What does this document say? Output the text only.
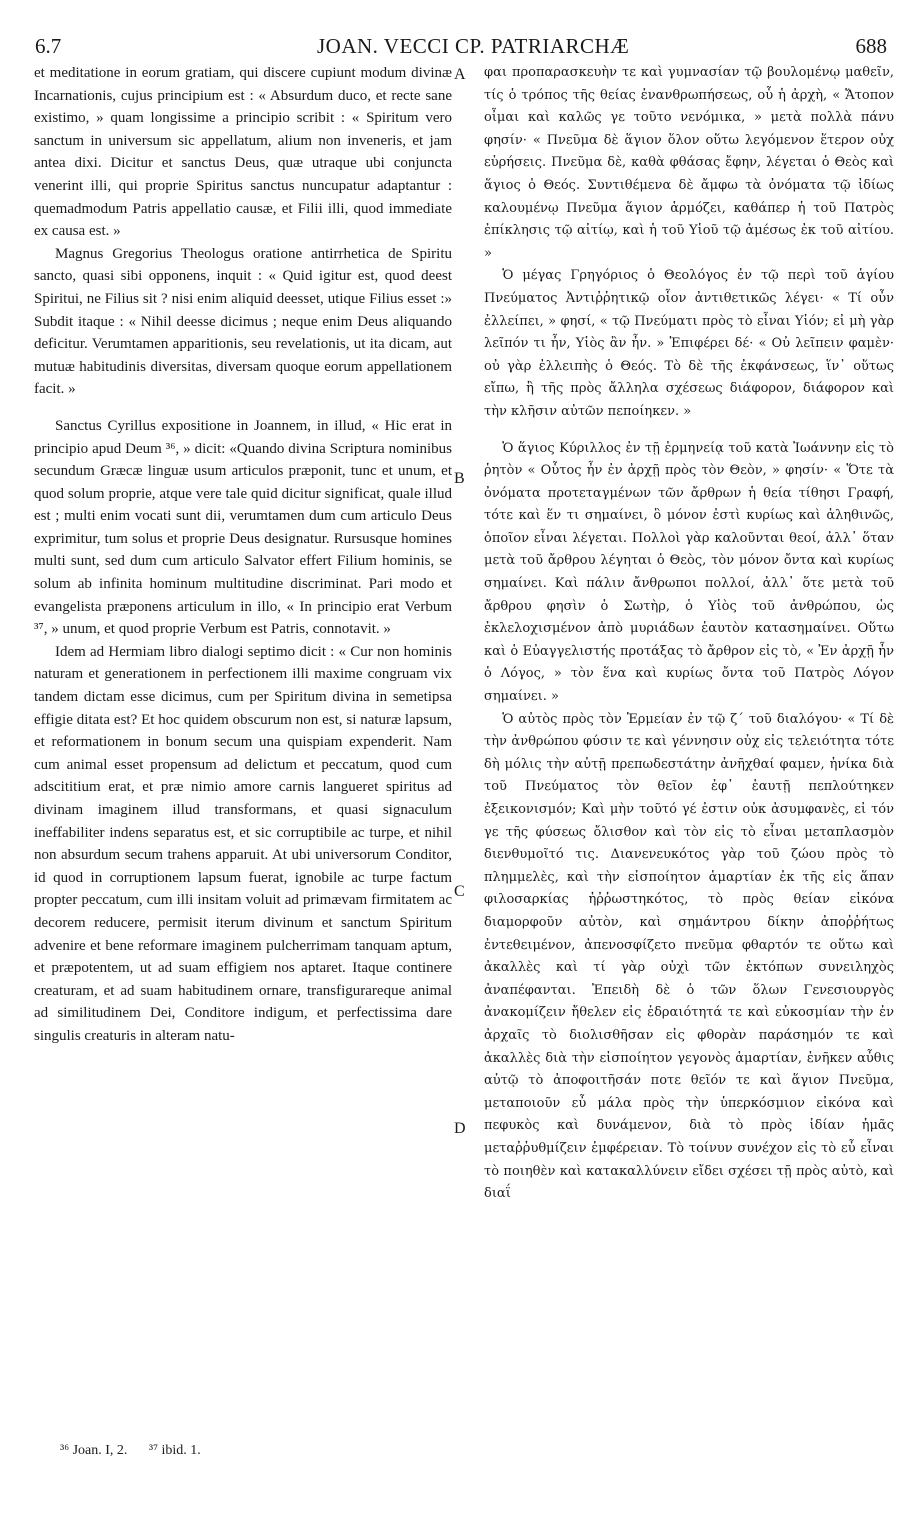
6.7	JOAN. VECCI CP. PATRIARCHÆ	688

et meditatione in eorum gratiam, qui discere cupiunt modum divinæ Incarnationis, cujus principium est : « Absurdum duco, et recte sane existimo, » quam longissime a principio scribit : « Spiritum vero sanctum in universum sic appellatum, alium non inveneris, et jam antea dixi. Dicitur et sanctus Deus, quæ utraque ubi conjuncta venerint illi, qui proprie Spiritus sanctus nuncupatur adaptantur : quemadmodum Patris appellatio causæ, et Filii illi, quod immediate ex causa est. »

Magnus Gregorius Theologus oratione antirrhetica de Spiritu sancto, quasi sibi opponens, inquit : « Quid igitur est, quod deest Spiritui, ne Filius sit ? nisi enim aliquid deesset, utique Filius esset :» Subdit itaque : « Nihil deesse dicimus ; neque enim Deus aliquando deficitur. Verumtamen apparitionis, seu revelationis, ut ita dicam, aut mutuæ habitudinis diversitas, diversam quoque eorum appellationem facit. »

Sanctus Cyrillus expositione in Joannem, in illud, « Hic erat in principio apud Deum ³⁶, » dicit: «Quando divina Scriptura nominibus secundum Græcæ linguæ usum articulos præponit, tunc et unum, et quod solum proprie, atque vere tale quid dicitur significat, quale illud est ; multi enim vocati sunt dii, verumtamen dum cum articulo Deus exprimitur, tum solus et proprie Deus designatur. Rursusque homines multi sunt, sed dum cum articulo Salvator effert Filium hominis, se solum ab infinita hominum multitudine discriminat. Pari modo et evangelista præponens articulum in illo, « In principio erat Verbum ³⁷, » unum, et quod proprie Verbum est Patris, connotavit. »

Idem ad Hermiam libro dialogi septimo dicit : « Cur non hominis naturam et generationem in perfectionem illi maxime congruam vix tandem dictam esse dicimus, cum per Spiritum divina in semetipsa effigie ditata est? Et hoc quidem obscurum non est, si naturæ lapsum, et reformationem in bonum secum una quispiam expenderit. Nam cum animal esset propensum ad delictum et peccatum, quod cum adscititium erat, et præ nimio amore carnis langueret spiritus ad divinam imaginem illud transformans, et quasi signaculum ineffabiliter indens separatus est, et sic corruptibile ac turpe, et nihil non absurdum secum trahens apparuit. At ubi universorum Conditor, id quod in corruptionem lapsum fuerat, ignobile ac turpe factum propter peccatum, cum illi insitam voluit ad primævam firmitatem ac decorem reducere, permisit iterum divinum et sanctum Spiritum advenire et bene reformare imaginem pulcherrimam tanquam aptum, et præpotentem, ut ad suam effigiem nos aptaret. Itaque continere creaturam, et ad suam habitudinem ornare, transfigurareque animal ad similitudinem Dei, Conditore indigum, et perfectissima dare singulis creaturis in alteram natu-

A
B
C
D

φαι προπαρασκευὴν τε καὶ γυμνασίαν τῷ βουλομένῳ μαθεῖν, τίς ὁ τρόπος τῆς θείας ἐνανθρωπήσεως, οὗ ἡ ἀρχὴ, « Ἄτοπον οἶμαι καὶ καλῶς γε τοῦτο νενόμικα, » μετὰ πολλὰ πάνυ φησίν· « Πνεῦμα δὲ ἅγιον ὅλον οὕτω λεγόμενον ἕτερον οὐχ εὑρήσεις. Πνεῦμα δὲ, καθὰ φθάσας ἔφην, λέγεται ὁ Θεὸς καὶ ἅγιος ὁ Θεός. Συντιθέμενα δὲ ἄμφω τὰ ὀνόματα τῷ ἰδίως καλουμένῳ Πνεῦμα ἅγιον ἁρμόζει, καθάπερ ἡ τοῦ Πατρὸς ἐπίκλησις τῷ αἰτίῳ, καὶ ἡ τοῦ Υἱοῦ τῷ ἀμέσως ἐκ τοῦ αἰτίου. »

Ὁ μέγας Γρηγόριος ὁ Θεολόγος ἐν τῷ περὶ τοῦ ἁγίου Πνεύματος Ἀντιῤῥητικῷ οἷον ἀντιθετικῶς λέγει· « Τί οὖν ἐλλείπει, » φησί, « τῷ Πνεύματι πρὸς τὸ εἶναι Υἱόν; εἰ μὴ γὰρ λεῖπόν τι ἦν, Υἱὸς ἂν ἦν. » Ἐπιφέρει δέ· « Οὐ λεῖπειν φαμὲν· οὐ γὰρ ἐλλειπὴς ὁ Θεός. Τὸ δὲ τῆς ἐκφάνσεως, ἵν᾽ οὕτως εἴπω, ἢ τῆς πρὸς ἄλληλα σχέσεως διάφορον, διάφορον καὶ τὴν κλῆσιν αὐτῶν πεποίηκεν. »

Ὁ ἅγιος Κύριλλος ἐν τῇ ἑρμηνείᾳ τοῦ κατὰ Ἰωάννην εἰς τὸ ῥητὸν « Οὗτος ἦν ἐν ἀρχῇ πρὸς τὸν Θεὸν, » φησίν· « Ὅτε τὰ ὀνόματα προτεταγμένων τῶν ἄρθρων ἡ θεία τίθησι Γραφή, τότε καὶ ἕν τι σημαίνει, ὃ μόνον ἐστὶ κυρίως καὶ ἀληθινῶς, ὁποῖον εἶναι λέγεται. Πολλοὶ γὰρ καλοῦνται θεοί, ἀλλ᾽ ὅταν μετὰ τοῦ ἄρθρου λέγηται ὁ Θεὸς, τὸν μόνον ὄντα καὶ κυρίως σημαίνει. Καὶ πάλιν ἄνθρωποι πολλοί, ἀλλ᾽ ὅτε μετὰ τοῦ ἄρθρου φησὶν ὁ Σωτὴρ, ὁ Υἱὸς τοῦ ἀνθρώπου, ὡς ἐκλελοχισμένον ἀπὸ μυριάδων ἑαυτὸν κατασημαίνει. Οὕτω καὶ ὁ Εὐαγγελιστής προτάξας τὸ ἄρθρον εἰς τὸ, « Ἐν ἀρχῇ ἦν ὁ Λόγος, » τὸν ἕνα καὶ κυρίως ὄντα τοῦ Πατρὸς Λόγον σημαίνει. »

Ὁ αὐτὸς πρὸς τὸν Ἑρμείαν ἐν τῷ ζ΄ τοῦ διαλόγου· « Τί δὲ τὴν ἀνθρώπου φύσιν τε καὶ γέννησιν οὐχ εἰς τελειότητα τότε δὴ μόλις τὴν αὐτῇ πρεπωδεστάτην ἀνῆχθαί φαμεν, ἡνίκα διὰ τοῦ Πνεύματος τὸν θεῖον ἐφ᾽ ἑαυτῇ πεπλούτηκεν ἐξεικονισμόν; Καὶ μὴν τοῦτό γέ ἐστιν οὐκ ἀσυμφανὲς, εἰ τόν γε τῆς φύσεως ὄλισθον καὶ τὸν εἰς τὸ εἶναι μεταπλασμὸν διενθυμοῖτό τις. Διανενευκότος γὰρ τοῦ ζώου πρὸς τὸ πλημμελὲς, καὶ τὴν εἰσποίητον ἁμαρτίαν ἐκ τῆς εἰς ἅπαν φιλοσαρκίας ἠῤῥωστηκότος, τὸ πρὸς θείαν εἰκόνα διαμορφοῦν αὐτὸν, καὶ σημάντρου δίκην ἀποῤῥήτως ἐντεθειμένον, ἀπενοσφίζετο πνεῦμα φθαρτόν τε οὕτω καὶ ἀκαλλὲς καὶ τί γὰρ οὐχὶ τῶν ἐκτόπων συνειληχὸς ἀναπέφανται. Ἐπειδὴ δὲ ὁ τῶν ὅλων Γενεσιουργὸς ἀνακομίζειν ἤθελεν εἰς ἑδραιότητά τε καὶ εὐκοσμίαν τὴν ἐν ἀρχαῖς τὸ διολισθῆσαν εἰς φθορὰν παράσημόν τε καὶ ἀκαλλὲς διὰ τὴν εἰσποίητον γεγονὸς ἁμαρτίαν, ἐνῆκεν αὖθις αὐτῷ τὸ ἀποφοιτῆσάν ποτε θεῖόν τε καὶ ἅγιον Πνεῦμα, μεταποιοῦν εὖ μάλα πρὸς τὴν ὑπερκόσμιον εἰκόνα καὶ πεφυκὸς καὶ δυνάμενον, διὰ τὸ πρὸς ἰδίαν ἡμᾶς μεταῤῥυθμίζειν ἐμφέρειαν. Τὸ τοίνυν συνέχον εἰς τὸ εὖ εἶναι τὸ ποιηθὲν καὶ κατακαλλύνειν εἴδει σχέσει τῇ πρὸς αὐτὸ, καὶ διαΐ

³⁶ Joan. I, 2. ³⁷ ibid. 1.
